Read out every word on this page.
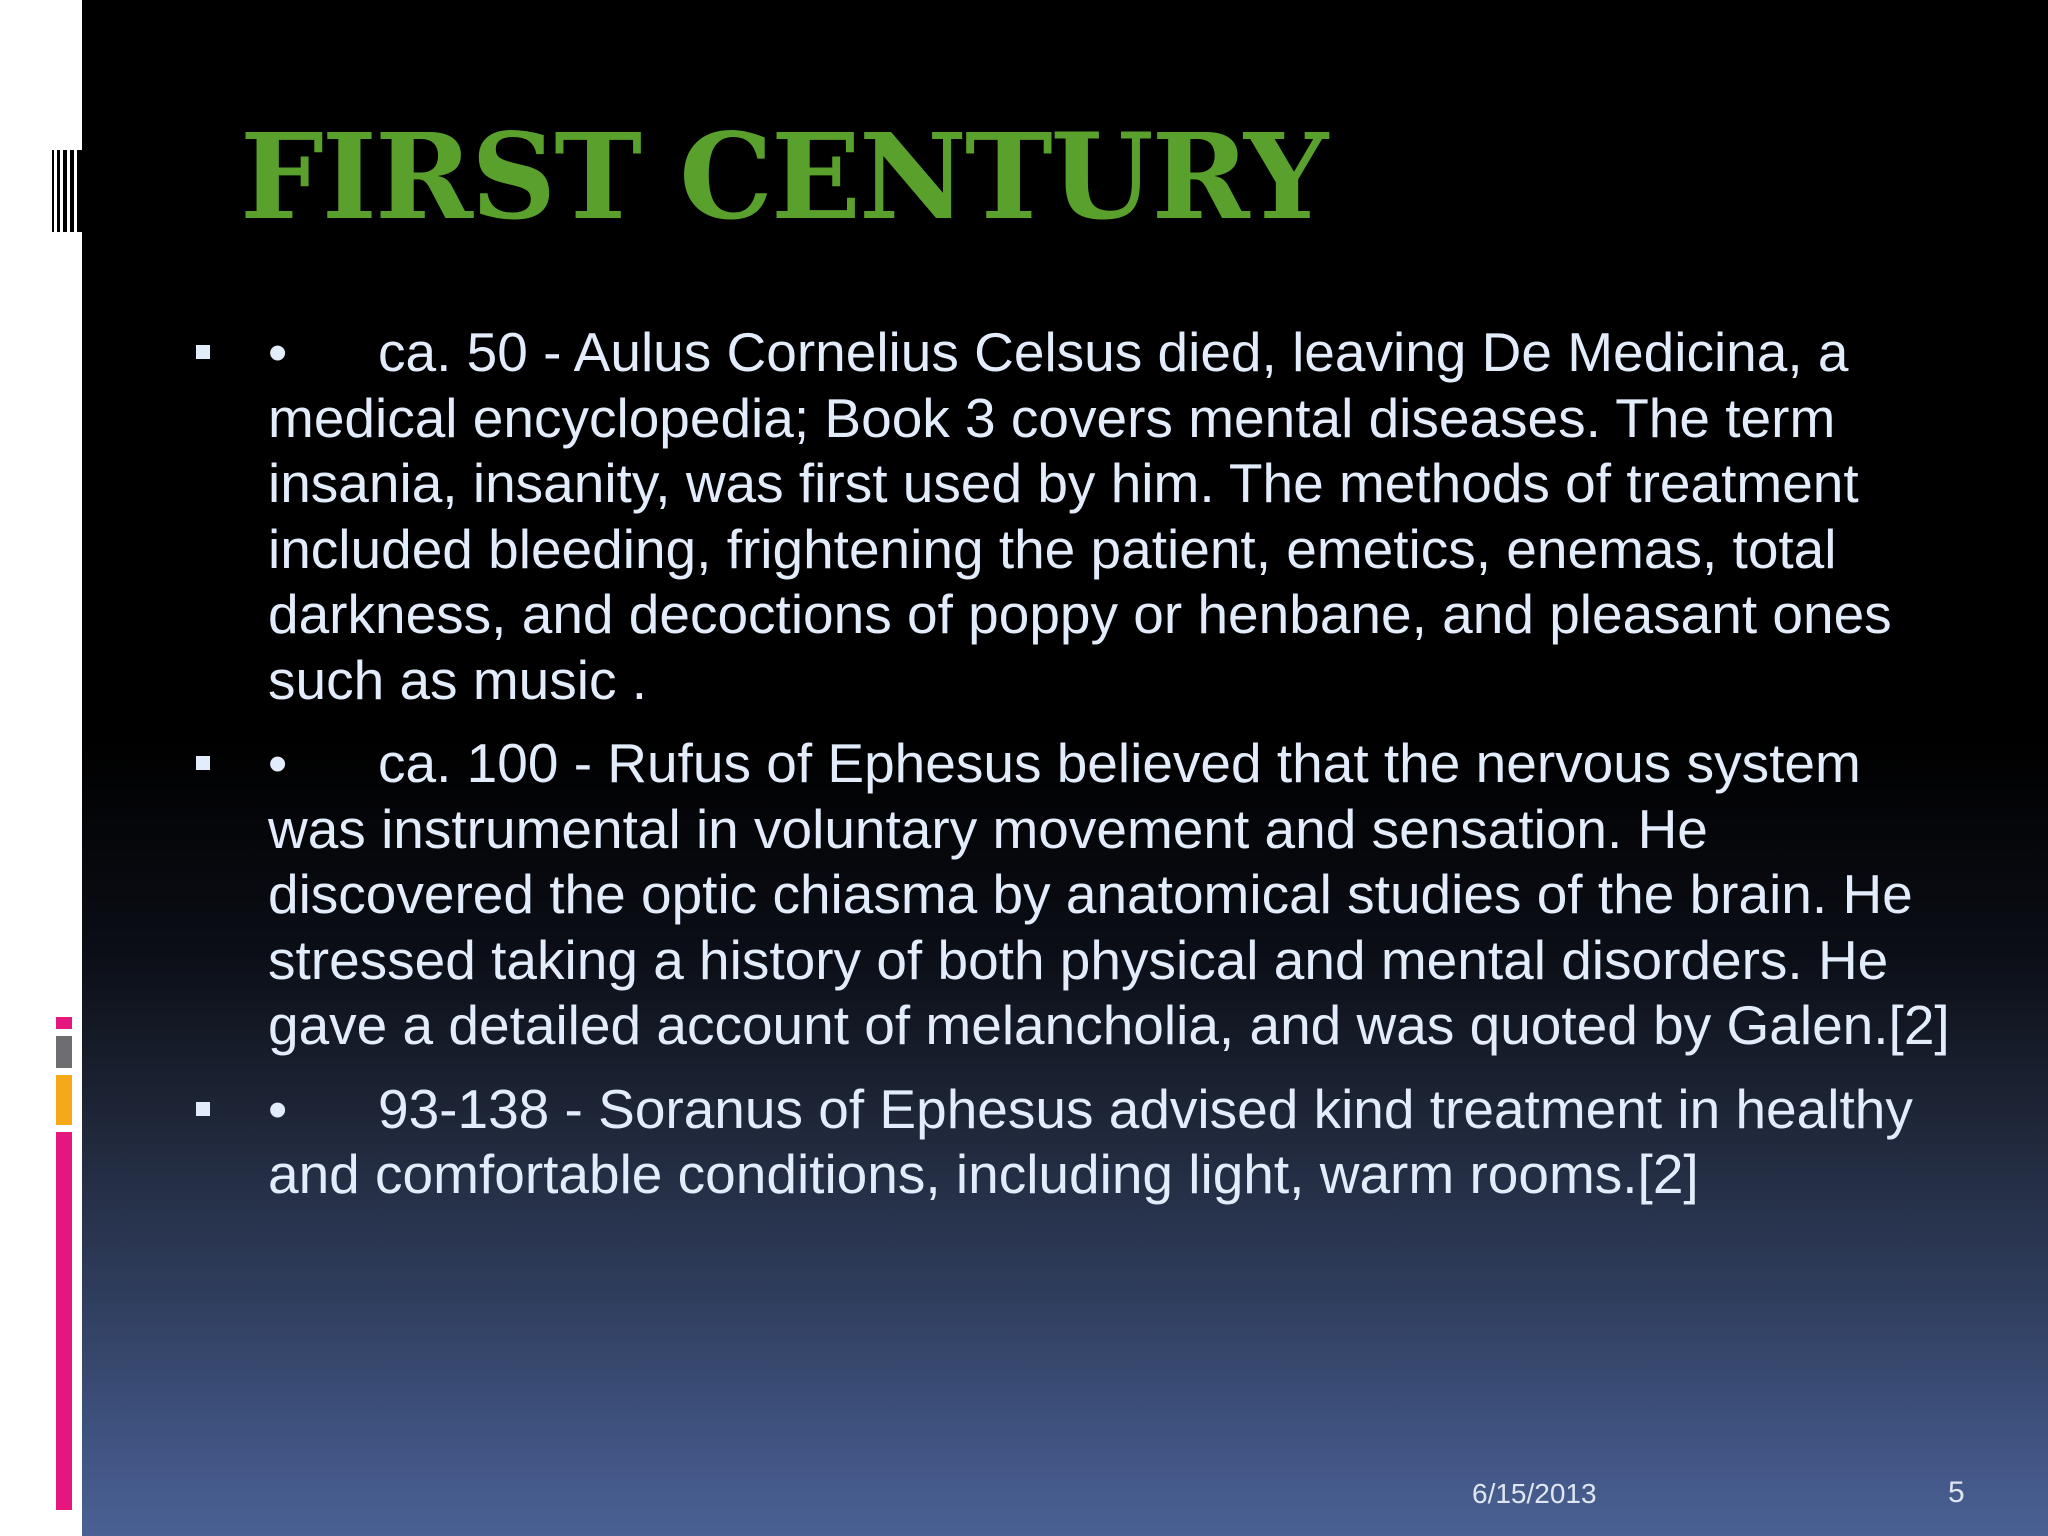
FIRST CENTURY
• ca. 50 - Aulus Cornelius Celsus died, leaving De Medicina, a medical encyclopedia; Book 3 covers mental diseases. The term insania, insanity, was first used by him. The methods of treatment included bleeding, frightening the patient, emetics, enemas, total darkness, and decoctions of poppy or henbane, and pleasant ones such as music .
• ca. 100 - Rufus of Ephesus believed that the nervous system was instrumental in voluntary movement and sensation. He discovered the optic chiasma by anatomical studies of the brain. He stressed taking a history of both physical and mental disorders. He gave a detailed account of melancholia, and was quoted by Galen.[2]
• 93-138 - Soranus of Ephesus advised kind treatment in healthy and comfortable conditions, including light, warm rooms.[2]
6/15/2013	5
